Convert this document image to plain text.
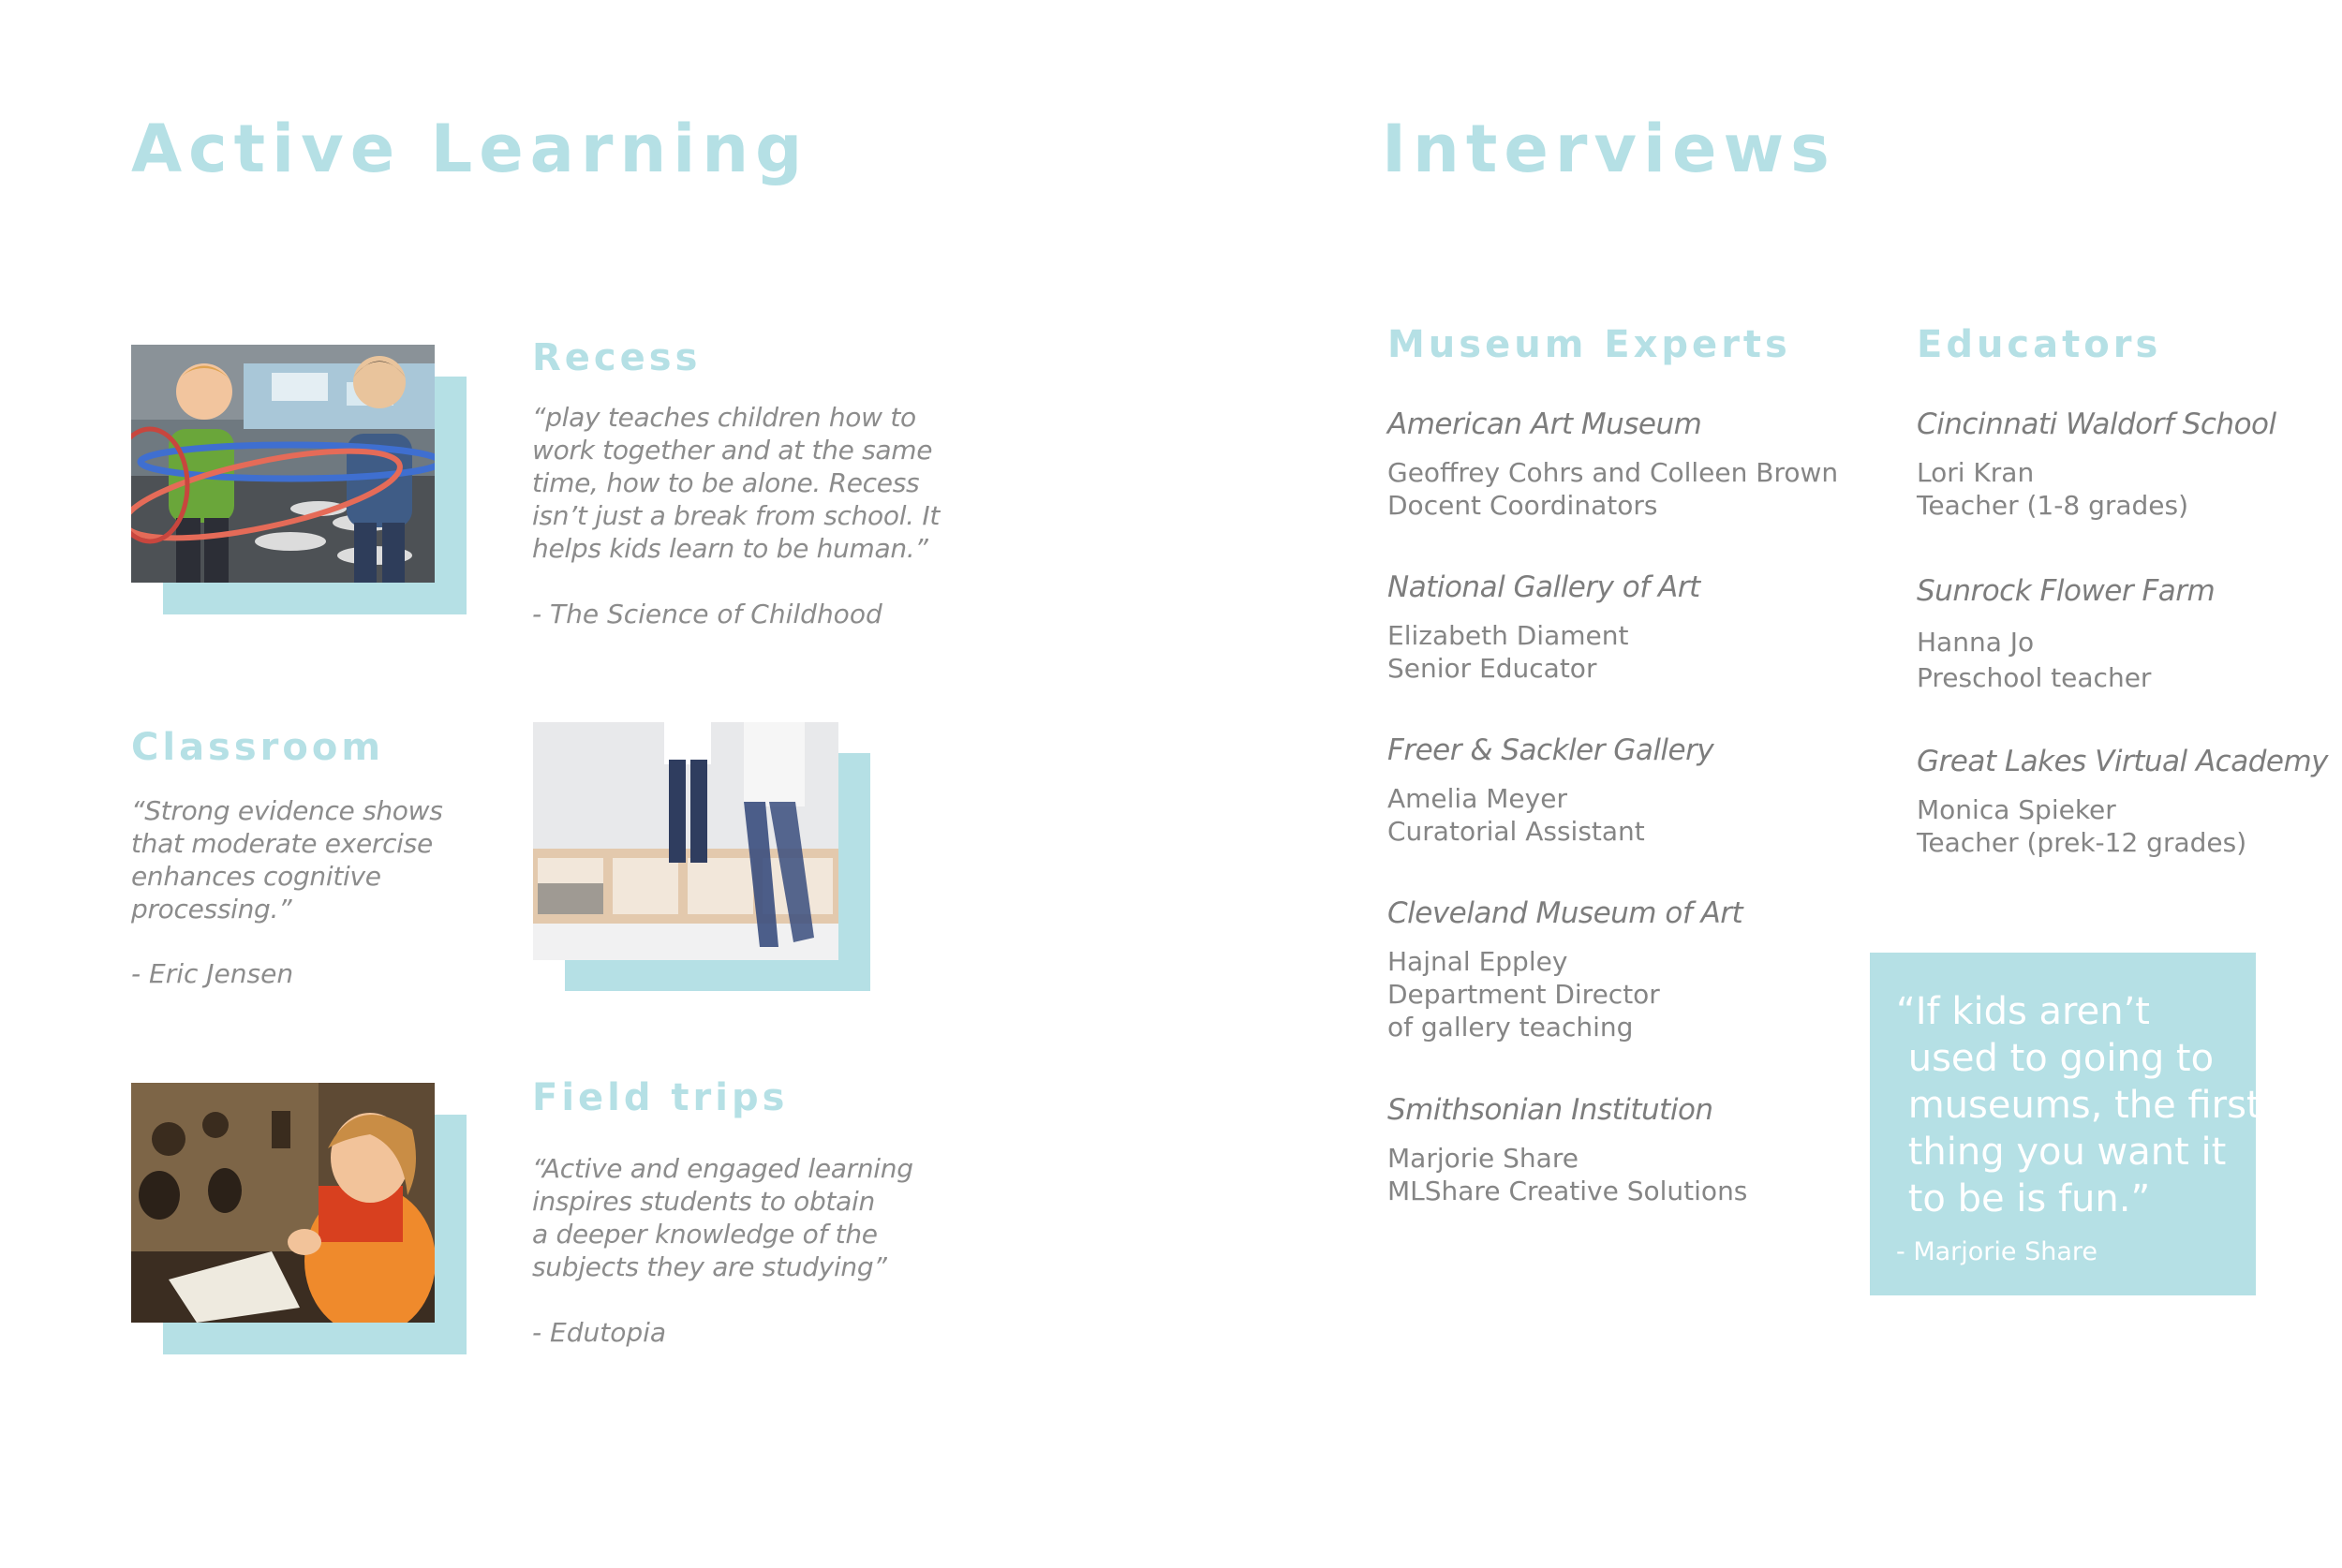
Active Learning
Recess
“play teaches children how to
work together and at the same
time, how to be alone. Recess
isn’t just a break from school. It
helps kids learn to be human.”
- The Science of Childhood
Classroom
“Strong evidence shows
that moderate exercise
enhances cognitive
processing.”
- Eric Jensen
Field trips
“Active and engaged learning
inspires students to obtain
a deeper knowledge of the
subjects they are studying”
- Edutopia
Interviews
Museum Experts
American Art Museum
Geoffrey Cohrs and Colleen Brown
Docent Coordinators
National Gallery of Art
Elizabeth Diament
Senior Educator
Freer & Sackler Gallery
Amelia Meyer
Curatorial Assistant
Cleveland Museum of Art
Hajnal Eppley
Department Director
of gallery teaching
Smithsonian Institution
Marjorie Share
MLShare Creative Solutions
Educators
Cincinnati Waldorf School
Lori Kran
Teacher (1-8 grades)
Sunrock Flower Farm
Hanna Jo
Preschool teacher
Great Lakes Virtual Academy
Monica Spieker
Teacher (prek-12 grades)
“If kids aren’t
used to going to
museums, the first
thing you want it
to be is fun.”
- Marjorie Share
